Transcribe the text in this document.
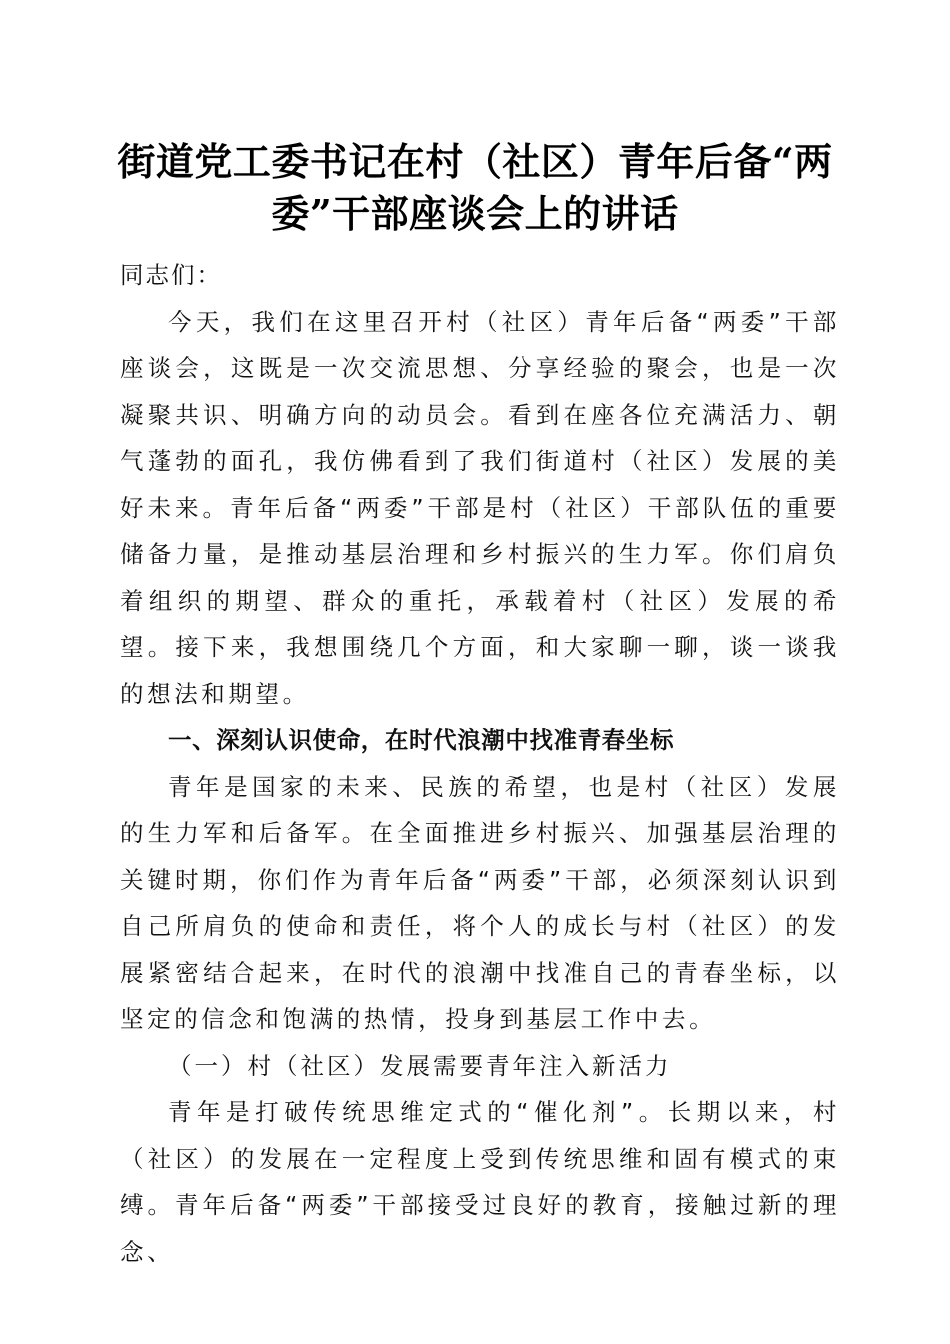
街道党工委书记在村（社区）青年后备“两
委”干部座谈会上的讲话

同志们：

今天，我们在这里召开村（社区）青年后备“两委”干部座谈会，这既是一次交流思想、分享经验的聚会，也是一次凝聚共识、明确方向的动员会。看到在座各位充满活力、朝气蓬勃的面孔，我仿佛看到了我们街道村（社区）发展的美好未来。青年后备“两委”干部是村（社区）干部队伍的重要储备力量，是推动基层治理和乡村振兴的生力军。你们肩负着组织的期望、群众的重托，承载着村（社区）发展的希望。接下来，我想围绕几个方面，和大家聊一聊，谈一谈我的想法和期望。

一、深刻认识使命，在时代浪潮中找准青春坐标

青年是国家的未来、民族的希望，也是村（社区）发展的生力军和后备军。在全面推进乡村振兴、加强基层治理的关键时期，你们作为青年后备“两委”干部，必须深刻认识到自己所肩负的使命和责任，将个人的成长与村（社区）的发展紧密结合起来，在时代的浪潮中找准自己的青春坐标，以坚定的信念和饱满的热情，投身到基层工作中去。

（一）村（社区）发展需要青年注入新活力

青年是打破传统思维定式的“催化剂”。长期以来，村（社区）的发展在一定程度上受到传统思维和固有模式的束缚。青年后备“两委”干部接受过良好的教育，接触过新的理念、
